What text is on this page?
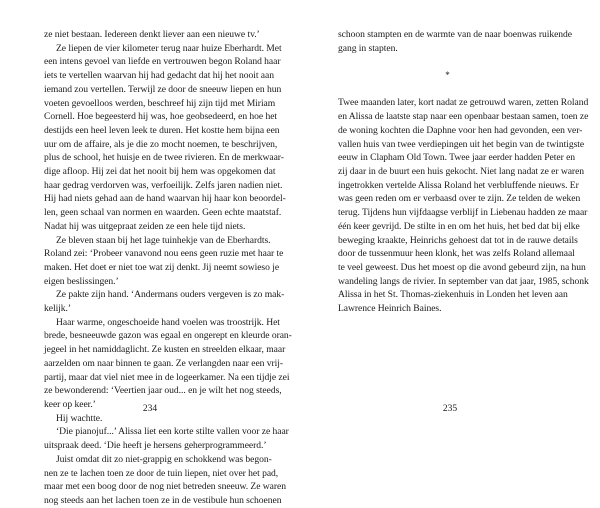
ze niet bestaan. Iedereen denkt liever aan een nieuwe tv.’
Ze liepen de vier kilometer terug naar huize Eberhardt. Met
een intens gevoel van liefde en vertrouwen begon Roland haar
iets te vertellen waarvan hij had gedacht dat hij het nooit aan
iemand zou vertellen. Terwijl ze door de sneeuw liepen en hun
voeten gevoelloos werden, beschreef hij zijn tijd met Miriam
Cornell. Hoe begeesterd hij was, hoe geobsedeerd, en hoe het
destijds een heel leven leek te duren. Het kostte hem bijna een
uur om de affaire, als je die zo mocht noemen, te beschrijven,
plus de school, het huisje en de twee rivieren. En de merkwaar-
dige afloop. Hij zei dat het nooit bij hem was opgekomen dat
haar gedrag verdorven was, verfoeilijk. Zelfs jaren nadien niet.
Hij had niets gehad aan de hand waarvan hij haar kon beoordel-
len, geen schaal van normen en waarden. Geen echte maatstaf.
Nadat hij was uitgepraat zeiden ze een hele tijd niets.
Ze bleven staan bij het lage tuinhekje van de Eberhardts.
Roland zei: ‘Probeer vanavond nou eens geen ruzie met haar te
maken. Het doet er niet toe wat zij denkt. Jij neemt sowieso je
eigen beslissingen.’
Ze pakte zijn hand. ‘Andermans ouders vergeven is zo mak-
kelijk.’
Haar warme, ongeschoeide hand voelen was troostrijk. Het
brede, besneeuwde gazon was egaal en ongerept en kleurde oran-
jegeel in het namiddaglicht. Ze kusten en streelden elkaar, maar
aarzelden om naar binnen te gaan. Ze verlangden naar een vrij-
partij, maar dat viel niet mee in de logeerkamer. Na een tijdje zei
ze bewonderend: ‘Veertien jaar oud... en je wilt het nog steeds,
keer op keer.’
Hij wachtte.
‘Die pianojuf...’ Alissa liet een korte stilte vallen voor ze haar
uitspraak deed. ‘Die heeft je hersens geherprogrammeerd.’
Juist omdat dit zo niet-grappig en schokkend was begon-
nen ze te lachen toen ze door de tuin liepen, niet over het pad,
maar met een boog door de nog niet betreden sneeuw. Ze waren
nog steeds aan het lachen toen ze in de vestibule hun schoenen
234
schoon stampten en de warmte van de naar boenwas ruikende
gang in stapten.
*
Twee maanden later, kort nadat ze getrouwd waren, zetten Roland
en Alissa de laatste stap naar een openbaar bestaan samen, toen ze
de woning kochten die Daphne voor hen had gevonden, een ver-
vallen huis van twee verdiepingen uit het begin van de twintigste
eeuw in Clapham Old Town. Twee jaar eerder hadden Peter en
zij daar in de buurt een huis gekocht. Niet lang nadat ze er waren
ingetrokken vertelde Alissa Roland het verbluffende nieuws. Er
was geen reden om er verbaasd over te zijn. Ze telden de weken
terug. Tijdens hun vijfdaagse verblijf in Liebenau hadden ze maar
één keer gevrijd. De stilte in en om het huis, het bed dat bij elke
beweging kraakte, Heinrichs gehoest dat tot in de rauwe details
door de tussenmuur heen klonk, het was zelfs Roland allemaal
te veel geweest. Dus het moest op die avond gebeurd zijn, na hun
wandeling langs de rivier. In september van dat jaar, 1985, schonk
Alissa in het St. Thomas-ziekenhuis in Londen het leven aan
Lawrence Heinrich Baines.
235
